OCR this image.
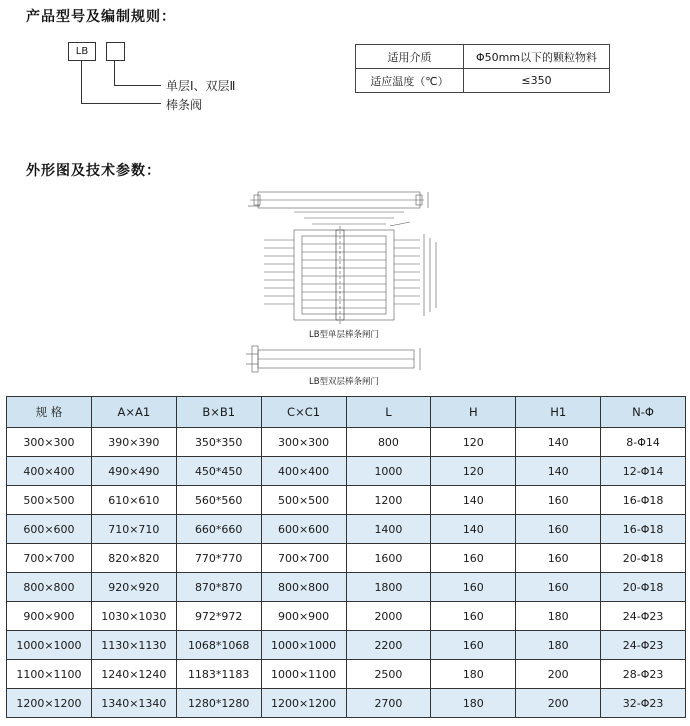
产品型号及编制规则：
LB
单层Ⅰ、双层Ⅱ
棒条阀
适用介质	Φ50mm以下的颗粒物料
适应温度（℃）	≤350
外形图及技术参数：
LB型单层棒条闸门
LB型双层棒条闸门
规 格	A×A1	B×B1	C×C1	L	H	H1	N-Φ
300×300	390×390	350*350	300×300	800	120	140	8-Φ14
400×400	490×490	450*450	400×400	1000	120	140	12-Φ14
500×500	610×610	560*560	500×500	1200	140	160	16-Φ18
600×600	710×710	660*660	600×600	1400	140	160	16-Φ18
700×700	820×820	770*770	700×700	1600	160	160	20-Φ18
800×800	920×920	870*870	800×800	1800	160	160	20-Φ18
900×900	1030×1030	972*972	900×900	2000	160	180	24-Φ23
1000×1000	1130×1130	1068*1068	1000×1000	2200	160	180	24-Φ23
1100×1100	1240×1240	1183*1183	1000×1100	2500	180	200	28-Φ23
1200×1200	1340×1340	1280*1280	1200×1200	2700	180	200	32-Φ23
